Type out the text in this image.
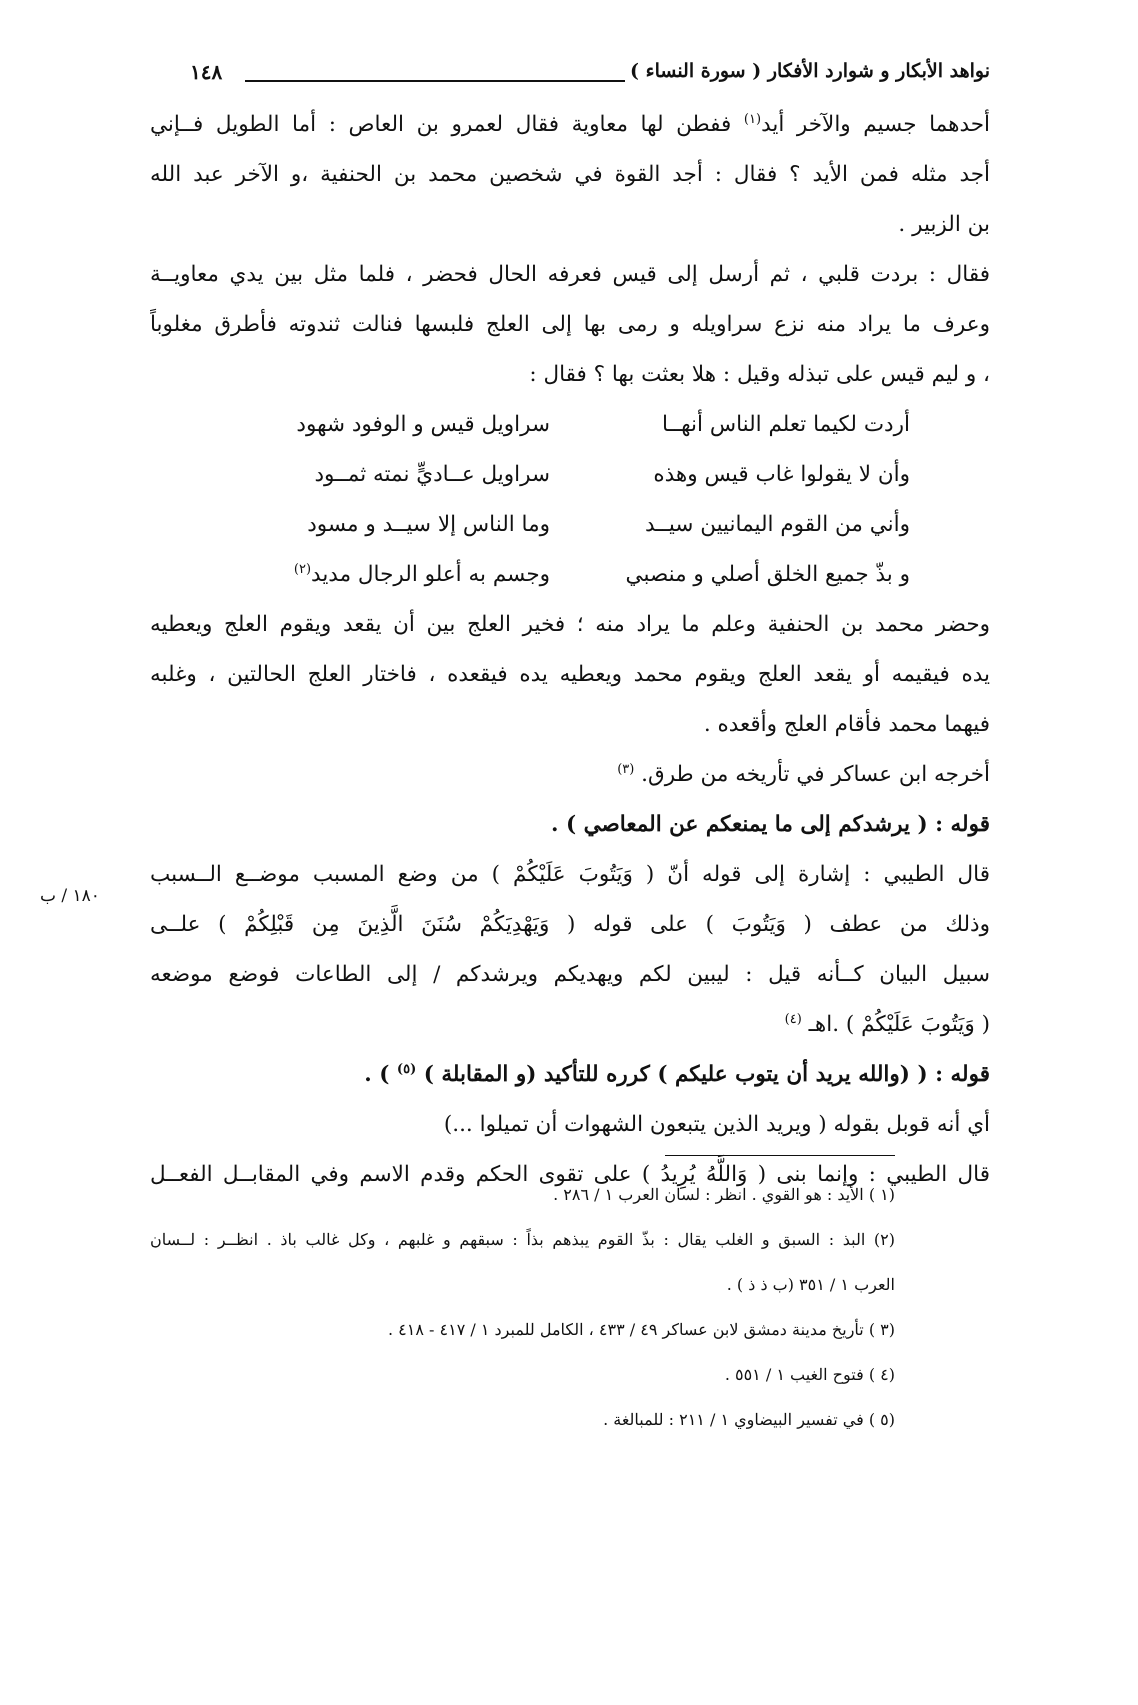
نواهد الأبكار و شوارد الأفكار ( سورة النساء )
١٤٨
أحدهما جسيم والآخر أيد$^{(١)}$ ففطن لها معاوية فقال لعمرو بن العاص : أما الطويل فــإني
أجد مثله فمن الأيد ؟ فقال : أجد القوة في شخصين محمد بن الحنفية ،و الآخر عبد الله
بن الزبير .
فقال : بردت قلبي ، ثم أرسل إلى قيس فعرفه الحال فحضر ، فلما مثل بين يدي معاويــة
وعرف ما يراد منه نزع سراويله و رمى بها إلى العلج فلبسها فنالت ثندوته فأطرق مغلوباً
، و ليم قيس على تبذله وقيل : هلا بعثت بها ؟ فقال :
أردت لكيما تعلم الناس أنهــا
سراويل قيس و الوفود شهود
وأن لا يقولوا غاب قيس وهذه
سراويل عــاديٍّ نمته ثمــود
وأني من القوم اليمانيين سيــد
وما الناس إلا سيــد و مسود
و بذّ جميع الخلق أصلي و منصبي
وجسم به أعلو الرجال مديد$^{(٢)}$
وحضر محمد بن الحنفية وعلم ما يراد منه ؛ فخير العلج بين أن يقعد ويقوم العلج ويعطيه
يده فيقيمه أو يقعد العلج ويقوم محمد ويعطيه يده فيقعده ، فاختار العلج الحالتين ، وغلبه
فيهما محمد فأقام العلج وأقعده .
أخرجه ابن عساكر في تأريخه من طرق. $^{(٣)}$
قوله : ( يرشدكم إلى ما يمنعكم عن المعاصي ) .
قال الطيبي : إشارة إلى قوله أنّ ( وَيَتُوبَ عَلَيْكُمْ ) من وضع المسبب موضــع الــسبب
وذلك من عطف ( وَيَتُوبَ ) على قوله ( وَيَهْدِيَكُمْ سُنَنَ الَّذِينَ مِن قَبْلِكُمْ ) علــى
سبيل البيان كــأنه قيل : ليبين لكم ويهديكم ويرشدكم / إلى الطاعات فوضع موضعه
( وَيَتُوبَ عَلَيْكُمْ ) .اهـ $^{(٤)}$
قوله : ( (والله يريد أن يتوب عليكم ) كرره للتأكيد (و المقابلة ) $^{(٥)}$ ) .
أي أنه قوبل بقوله ( ويريد الذين يتبعون الشهوات أن تميلوا ...)
قال الطيبي : وإنما بنى ( وَاللَّهُ يُرِيدُ ) على تقوى الحكم وقدم الاسم وفي المقابــل الفعــل
١٨٠ / ب
(١ ) الأيد : هو القوي . انظر : لسان العرب ١ / ٢٨٦ .
(٢) البذ : السبق و الغلب يقال : بذّ القوم يبذهم بذاً : سبقهم و غلبهم ، وكل غالب باذ . انظــر : لــسان
العرب ١ / ٣٥١ (ب ذ ذ ) .
(٣ ) تأريخ مدينة دمشق لابن عساكر ٤٩ / ٤٣٣ ، الكامل للمبرد ١ / ٤١٧ - ٤١٨ .
(٤ ) فتوح الغيب ١ / ٥٥١ .
(٥ ) في تفسير البيضاوي ١ / ٢١١ : للمبالغة .
